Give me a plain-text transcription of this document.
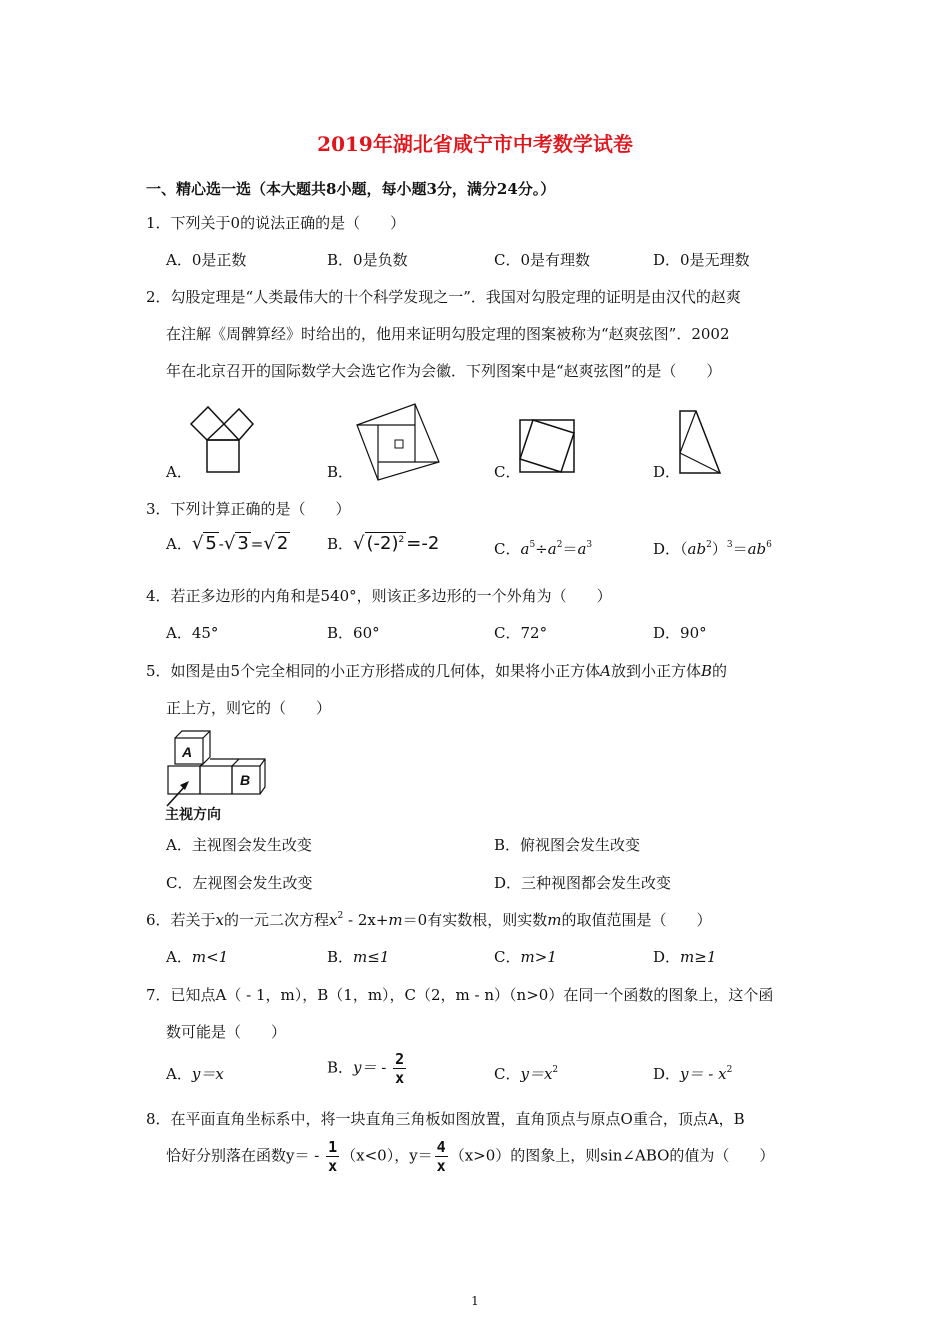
2019年湖北省咸宁市中考数学试卷
一、精心选一选（本大题共8小题，每小题3分，满分24分。）
1．下列关于0的说法正确的是（　　）
A．0是正数	B．0是负数	C．0是有理数	D．0是无理数
2．勾股定理是“人类最伟大的十个科学发现之一”．我国对勾股定理的证明是由汉代的赵爽
在注解《周髀算经》时给出的，他用来证明勾股定理的图案被称为“赵爽弦图”．2002
年在北京召开的国际数学大会选它作为会徽．下列图案中是“赵爽弦图”的是（　　）
A．	B．	C．	D．
3．下列计算正确的是（　　）
A．√ 5 -√ 3 =√ 2	B．√ $(-2)^2 =-2$	C．$a^5\div a^2=a^3$	D．$(ab^2)^3=ab^6$
4．若正多边形的内角和是540°，则该正多边形的一个外角为（　　）
A．45°	B．60°	C．72°	D．90°
5．如图是由5个完全相同的小正方形搭成的几何体，如果将小正方体A放到小正方体B的
正上方，则它的（　　）
A
B
主视方向
A．主视图会发生改变	B．俯视图会发生改变
C．左视图会发生改变	D．三种视图都会发生改变
6．若关于x的一元二次方程$x^2 - 2x+m=0$有实数根，则实数m的取值范围是（　　）
A．m<1	B．m≤1	C．m>1	D．m≥1
7．已知点A（ - 1，m），B（1，m），C（2，m - n）（n>0）在同一个函数的图象上，这个函
数可能是（　　）
A．y＝x	B．$y= - \frac{2}{x}$	C．$y=x^2$	D．$y= - x^2$
8．在平面直角坐标系中，将一块直角三角板如图放置，直角顶点与原点O重合，顶点A，B
恰好分别落在函数$y= - \frac{1}{x} (x<0)$，$y= \frac{4}{x} (x>0)$的图象上，则sin∠ABO的值为（　　）
1
